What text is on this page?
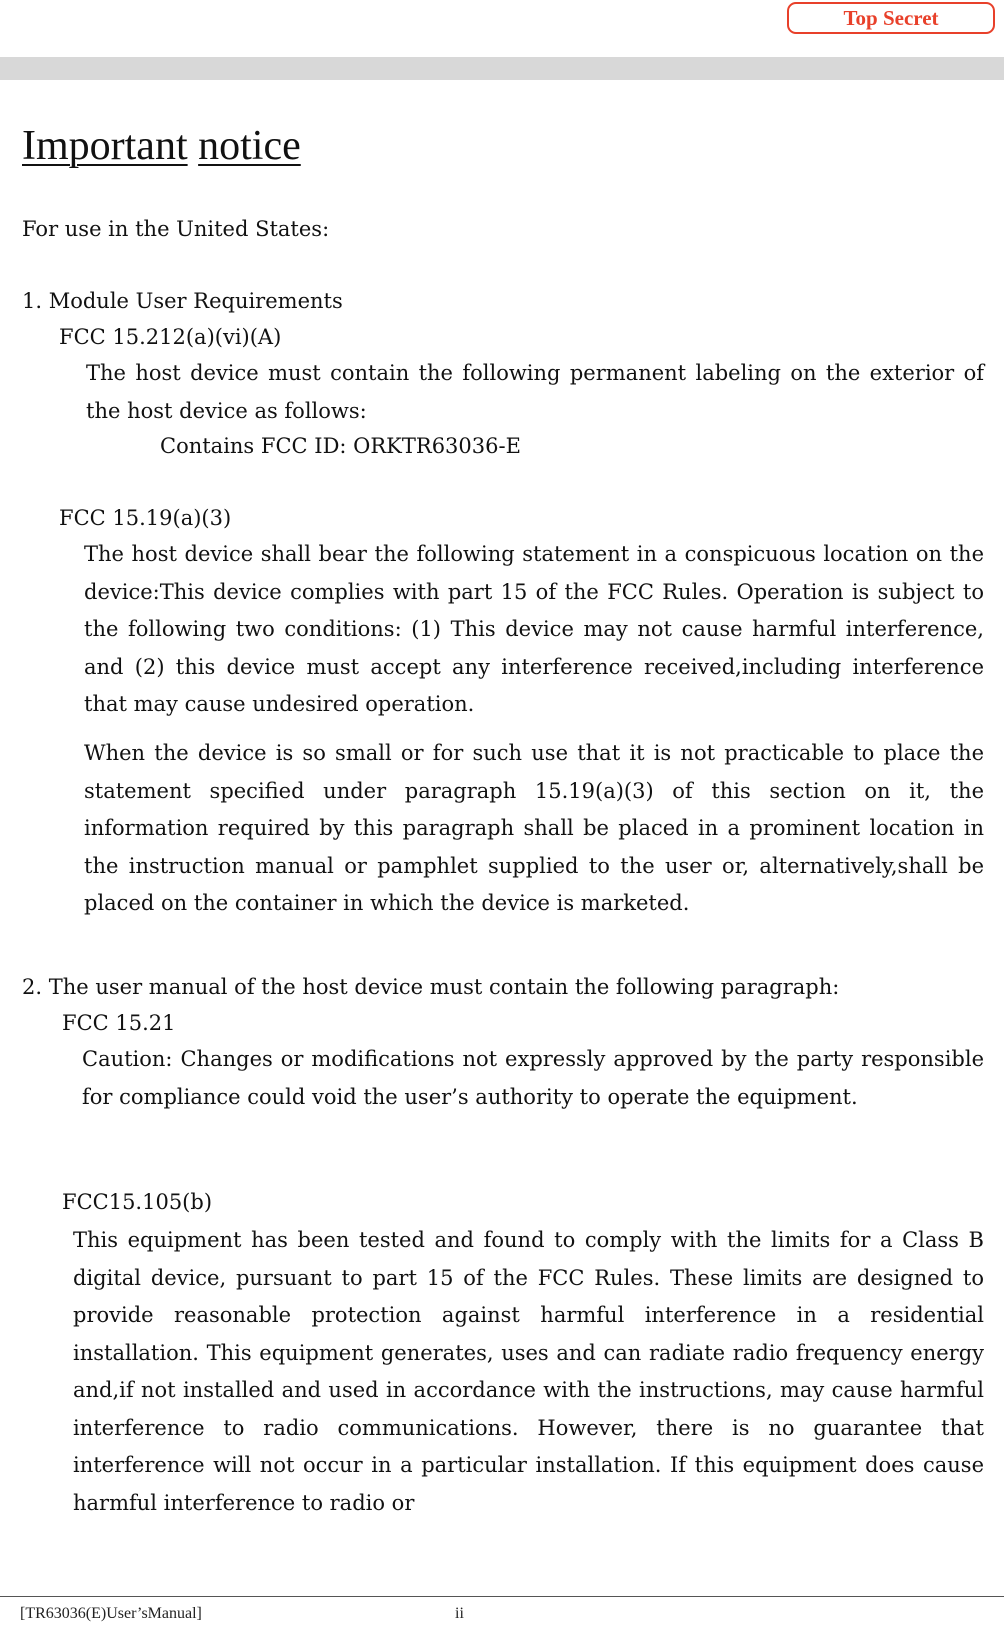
Top Secret
Important notice

For use in the United States:

1. Module User Requirements

FCC 15.212(a)(ⅵ)(A)

The host device must contain the following permanent labeling on the exterior of the host device as follows:

Contains FCC ID: ORKTR63036-E

FCC 15.19(a)(3)

The host device shall bear the following statement in a conspicuous location on the device:This device complies with part 15 of the FCC Rules. Operation is subject to the following two conditions: (1) This device may not cause harmful interference, and (2) this device must accept any interference received,including interference that may cause undesired operation.

When the device is so small or for such use that it is not practicable to place the statement specified under paragraph 15.19(a)(3) of this section on it, the information required by this paragraph shall be placed in a prominent location in the instruction manual or pamphlet supplied to the user or, alternatively,shall be placed on the container in which the device is marketed.

2. The user manual of the host device must contain the following paragraph:

FCC 15.21

Caution: Changes or modifications not expressly approved by the party responsible for compliance could void the user’s authority to operate the equipment.

FCC15.105(b)

This equipment has been tested and found to comply with the limits for a Class B digital device, pursuant to part 15 of the FCC Rules. These limits are designed to provide reasonable protection against harmful interference in a residential installation. This equipment generates, uses and can radiate radio frequency energy and,if not installed and used in accordance with the instructions, may cause harmful interference to radio communications. However, there is no guarantee that interference will not occur in a particular installation. If this equipment does cause harmful interference to radio or

[TR63036(E)User’sManual]	ii
